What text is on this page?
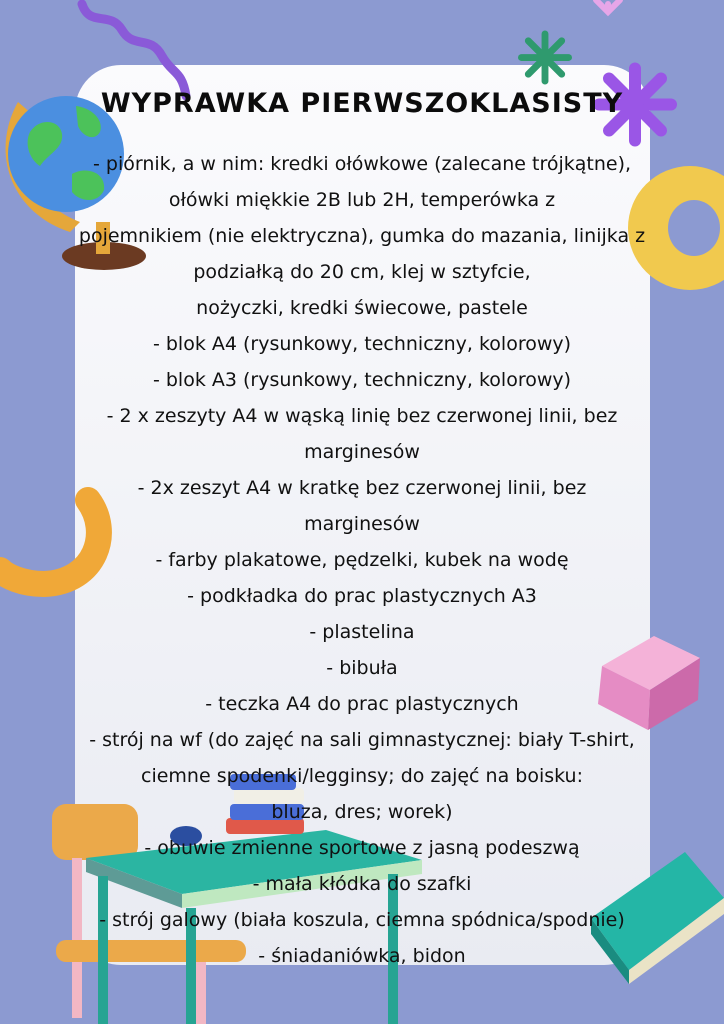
WYPRAWKA PIERWSZOKLASISTY
- piórnik, a w nim: kredki ołówkowe (zalecane trójkątne),
ołówki miękkie 2B lub 2H, temperówka z
pojemnikiem (nie elektryczna), gumka do mazania, linijka z
podziałką do 20 cm, klej w sztyfcie,
nożyczki, kredki świecowe, pastele
- blok A4 (rysunkowy, techniczny, kolorowy)
- blok A3 (rysunkowy, techniczny, kolorowy)
- 2 x zeszyty A4 w wąską linię bez czerwonej linii, bez
marginesów
- 2x zeszyt A4 w kratkę bez czerwonej linii, bez
marginesów
- farby plakatowe, pędzelki, kubek na wodę
- podkładka do prac plastycznych A3
- plastelina
- bibuła
- teczka A4 do prac plastycznych
- strój na wf (do zajęć na sali gimnastycznej: biały T-shirt,
ciemne spodenki/legginsy; do zajęć na boisku:
bluza, dres; worek)
- obuwie zmienne sportowe z jasną podeszwą
- mała kłódka do szafki
- strój galowy (biała koszula, ciemna spódnica/spodnie)
- śniadaniówka, bidon
